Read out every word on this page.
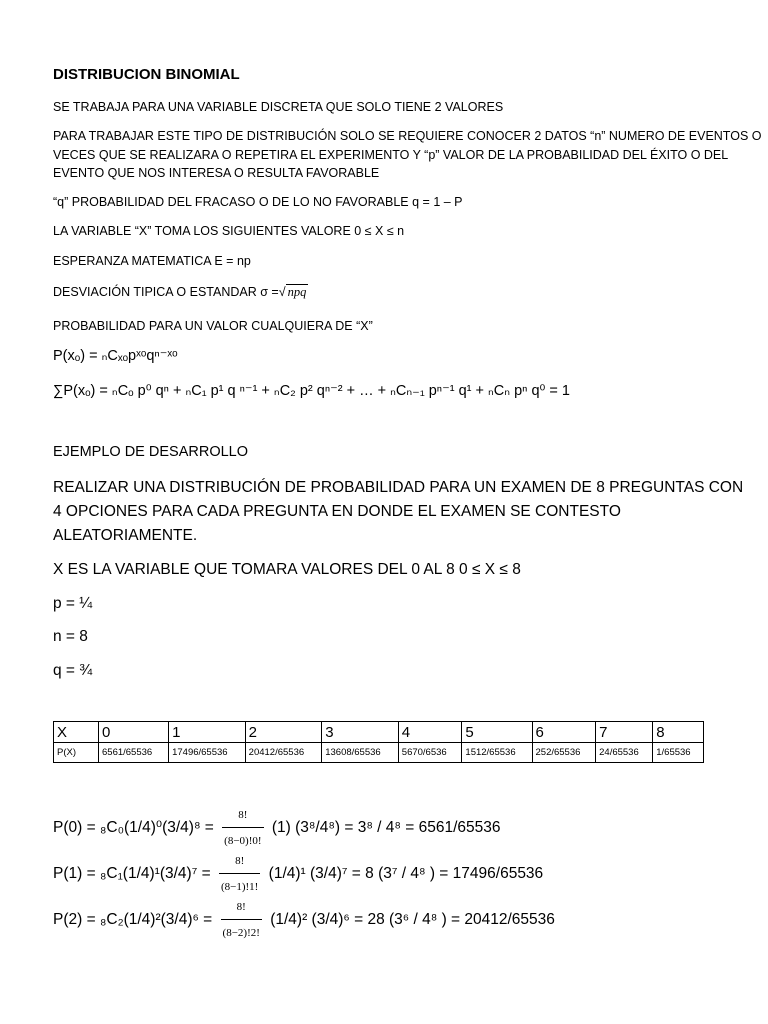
DISTRIBUCION BINOMIAL
SE TRABAJA PARA UNA VARIABLE DISCRETA QUE SOLO TIENE 2 VALORES
PARA TRABAJAR ESTE TIPO DE DISTRIBUCIÓN SOLO SE REQUIERE CONOCER 2 DATOS “n” NUMERO DE EVENTOS O
VECES QUE SE REALIZARA O REPETIRA EL EXPERIMENTO Y “p” VALOR DE LA PROBABILIDAD DEL ÉXITO O DEL
EVENTO QUE NOS INTERESA O RESULTA FAVORABLE
“q” PROBABILIDAD DEL FRACASO O DE LO NO FAVORABLE q = 1 – P
LA VARIABLE “X” TOMA LOS SIGUIENTES VALORE 0 ≤ X ≤ n
ESPERANZA MATEMATICA E = np
DESVIACIÓN TIPICA O ESTANDAR σ =√ npq
PROBABILIDAD PARA UN VALOR CUALQUIERA DE “X”
P(xₒ) = ₙCₓₒpˣᵒqⁿ⁻ˣᵒ
∑P(xₒ) = ₙCₒ p⁰ qⁿ + ₙC₁ p¹ q ⁿ⁻¹ + ₙC₂ p² qⁿ⁻² + … + ₙCₙ₋₁ pⁿ⁻¹ q¹ + ₙCₙ pⁿ q⁰ = 1
EJEMPLO DE DESARROLLO
REALIZAR UNA DISTRIBUCIÓN DE PROBABILIDAD PARA UN EXAMEN DE 8 PREGUNTAS CON
4 OPCIONES PARA CADA PREGUNTA EN DONDE EL EXAMEN SE CONTESTO
ALEATORIAMENTE.
X ES LA VARIABLE QUE TOMARA VALORES DEL 0 AL 8 0 ≤ X ≤ 8
p = ¼
n = 8
q = ¾
X	0	1	2	3	4	5	6	7	8
P(X)	6561/65536	17496/65536	20412/65536	13608/65536	5670/6536	1512/65536	252/65536	24/65536	1/65536
$P(0) = _8C_0(1/4)^0(3/4)^8 = \frac{8!}{(8-0)!0!} (1) (3^8/4^8) = 3^8 / 4^8 = 6561/65536$
$P(1) = _8C_1(1/4)^1(3/4)^7 = \frac{8!}{(8-1)!1!} (1/4)^1$ (3/4)⁷ = 8 (3⁷ / 4⁸ ) = 17496/65536
$P(2) = _8C_2(1/4)^2(3/4)^6 = \frac{8!}{(8-2)!2!} (1/4)^2$ (3/4)⁶ = 28 (3⁶ / 4⁸ ) = 20412/65536
